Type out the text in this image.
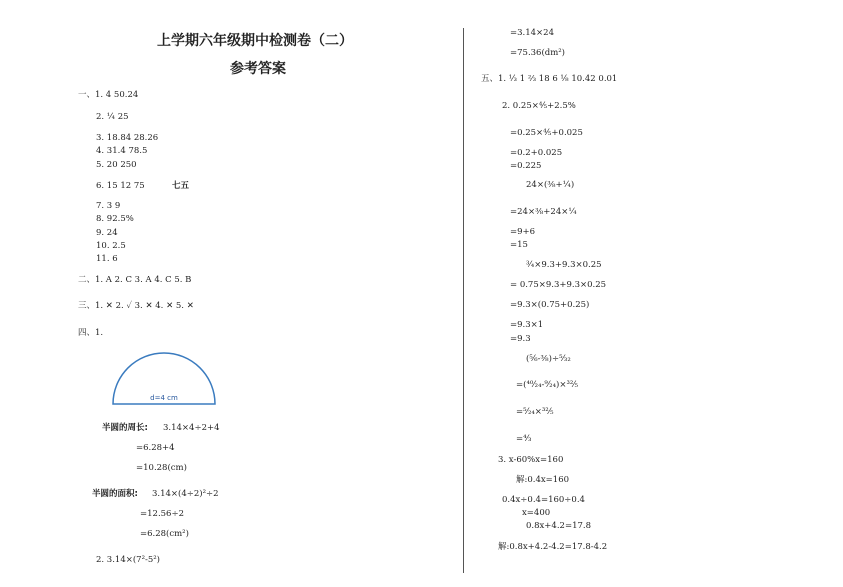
上学期六年级期中检测卷（二）
参考答案
一、1. 4 50.24
2. ¼ 25
3. 18.84 28.26
4. 31.4 78.5
5. 20 250
6. 15 12 75	七五
7. 3 9
8. 92.5%
9. 24
10. 2.5
11. 6
二、1. A 2. C 3. A 4. C 5. B
三、1. ✕ 2. ✓ 3. ✕ 4. ✕ 5. ✕
四、1.
d=4 cm
半圆的周长: 3.14×4÷2+4
=6.28+4
=10.28(cm)
半圆的面积: 3.14×(4÷2)²÷2
=12.56÷2
=6.28(cm²)
2. 3.14×(7²-5²)
=3.14×24
=75.36(dm²)
五、1. ⅓ 1 ⅔ 18 6 ⅛ 10.42 0.01
2. 0.25×⅘+2.5%
=0.25×⅘+0.025
=0.2+0.025
=0.225
24×(⅜+¼)
=24×⅜+24×¼
=9+6
=15
¾×9.3+9.3×0.25
= 0.75×9.3+9.3×0.25
=9.3×(0.75+0.25)
=9.3×1
=9.3
(⅚-⅜)÷⁵⁄₃₂
=(⁴⁰⁄₂₄-⁹⁄₂₄)×³²⁄₅
=⁵⁄₂₄×³²⁄₅
=⁴⁄₃
3. x-60%x=160
解:0.4x=160
0.4x÷0.4=160÷0.4
x=400
0.8x+4.2=17.8
解:0.8x+4.2-4.2=17.8-4.2
